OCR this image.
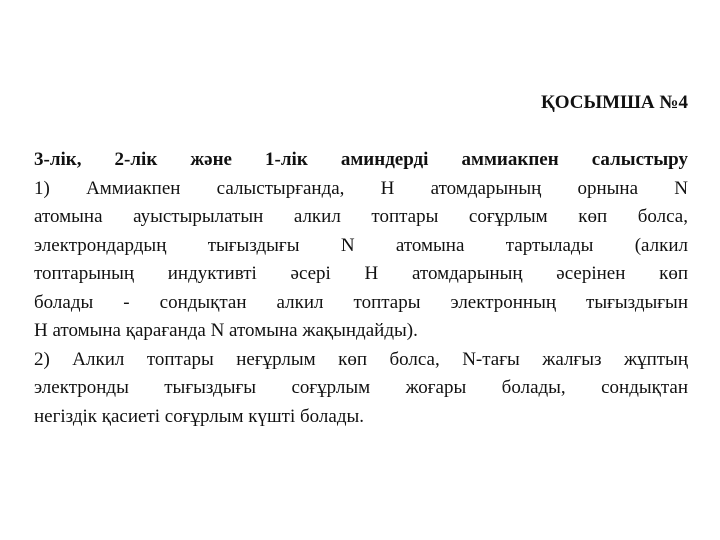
ҚОСЫМША №4
3-лік, 2-лік және 1-лік аминдерді аммиакпен салыстыру
1) Аммиакпен салыстырғанда, Н атомдарының орнына N
атомына ауыстырылатын алкил топтары соғұрлым көп болса,
электрондардың тығыздығы N атомына тартылады (алкил
топтарының индуктивті әсері Н атомдарының әсерінен көп
болады - сондықтан алкил топтары электронның тығыздығын
Н атомына қарағанда N атомына жақындайды).
2) Алкил топтары неғұрлым көп болса, N-тағы жалғыз жұптың
электронды тығыздығы соғұрлым жоғары болады, сондықтан
негіздік қасиеті соғұрлым күшті болады.
